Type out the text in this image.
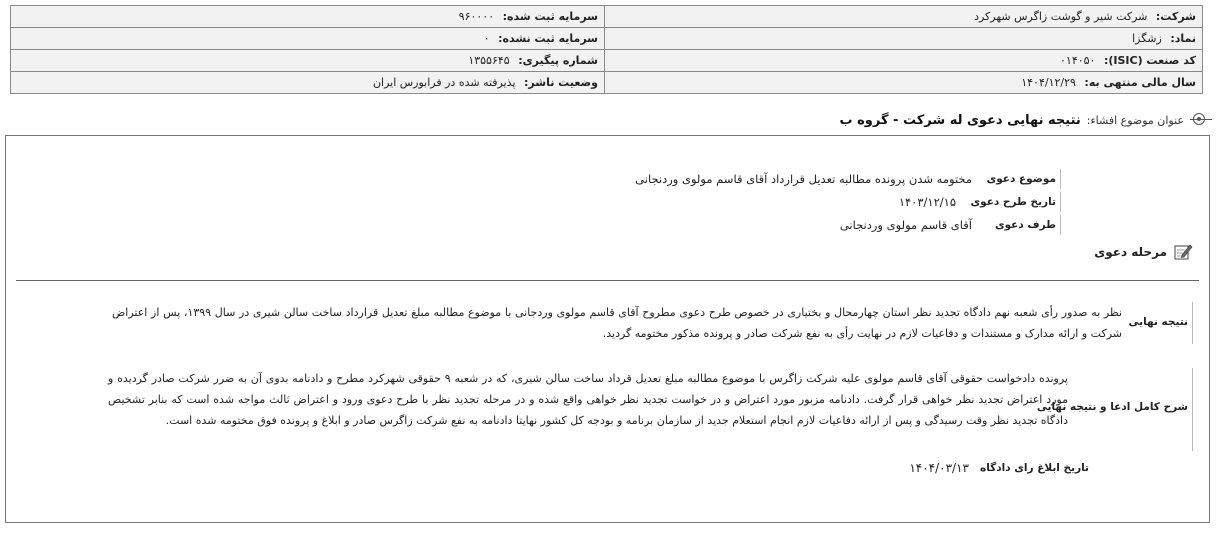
شرکت: شرکت شیر و گوشت زاگرس شهرکرد	سرمایه ثبت شده: ۹۶۰۰۰۰
نماد: زشگزا	سرمایه ثبت نشده: ۰
کد صنعت (ISIC): ۰۱۴۰۵۰	شماره پیگیری: ۱۳۵۵۶۴۵
سال مالی منتهی به: ۱۴۰۴/۱۲/۲۹	وضعیت ناشر: پذیرفته شده در فرابورس ایران
عنوان موضوع افشاء:
نتیجه نهایی دعوی له شرکت - گروه ب
موضوع دعوی
مختومه شدن پرونده مطالبه تعدیل قرارداد آقای قاسم مولوی وردنجانی
تاریخ طرح دعوی
۱۴۰۳/۱۲/۱۵
طرف دعوی
آقای قاسم مولوی وردنجانی
مرحله دعوی
نتیجه نهایی
نظر به صدور رأی شعبه نهم دادگاه تجدید نظر استان چهارمحال و بختیاری در خصوص طرح دعوی مطروح آقای قاسم مولوی وردجانی با موضوع مطالبه مبلغ تعدیل قرارداد ساخت سالن شیری در سال ۱۳۹۹، پس از اعتراض شرکت و ارائه مدارک و مستندات و دفاعیات لازم در نهایت رأی به نفع شرکت صادر و پرونده مذکور مختومه گردید.
شرح کامل ادعا و نتیجه نهایی
پرونده دادخواست حقوقی آقای قاسم مولوی علیه شرکت زاگرس با موضوع مطالبه مبلغ تعدیل قرداد ساخت سالن شیری، که در شعبه ۹ حقوقی شهرکرد مطرح و دادنامه بدوی آن به ضرر شرکت صادر گردیده و مورد اعتراض تجدید نظر خواهی قرار گرفت. دادنامه مزبور مورد اعتراض و در خواست تجدید نظر خواهی واقع شده و در مرحله تجدید نظر با طرح دعوی ورود و اعتراض ثالث مواجه شده است که بنابر تشخیص دادگاه تجدید نظر وقت رسیدگی و پس از ارائه دفاعیات لازم انجام استعلام جدید از سازمان برنامه و بودجه کل کشور نهایتا دادنامه به نفع شرکت زاگرس صادر و ابلاغ و پرونده فوق مختومه شده است.
تاریخ ابلاغ رای دادگاه
۱۴۰۴/۰۳/۱۳
